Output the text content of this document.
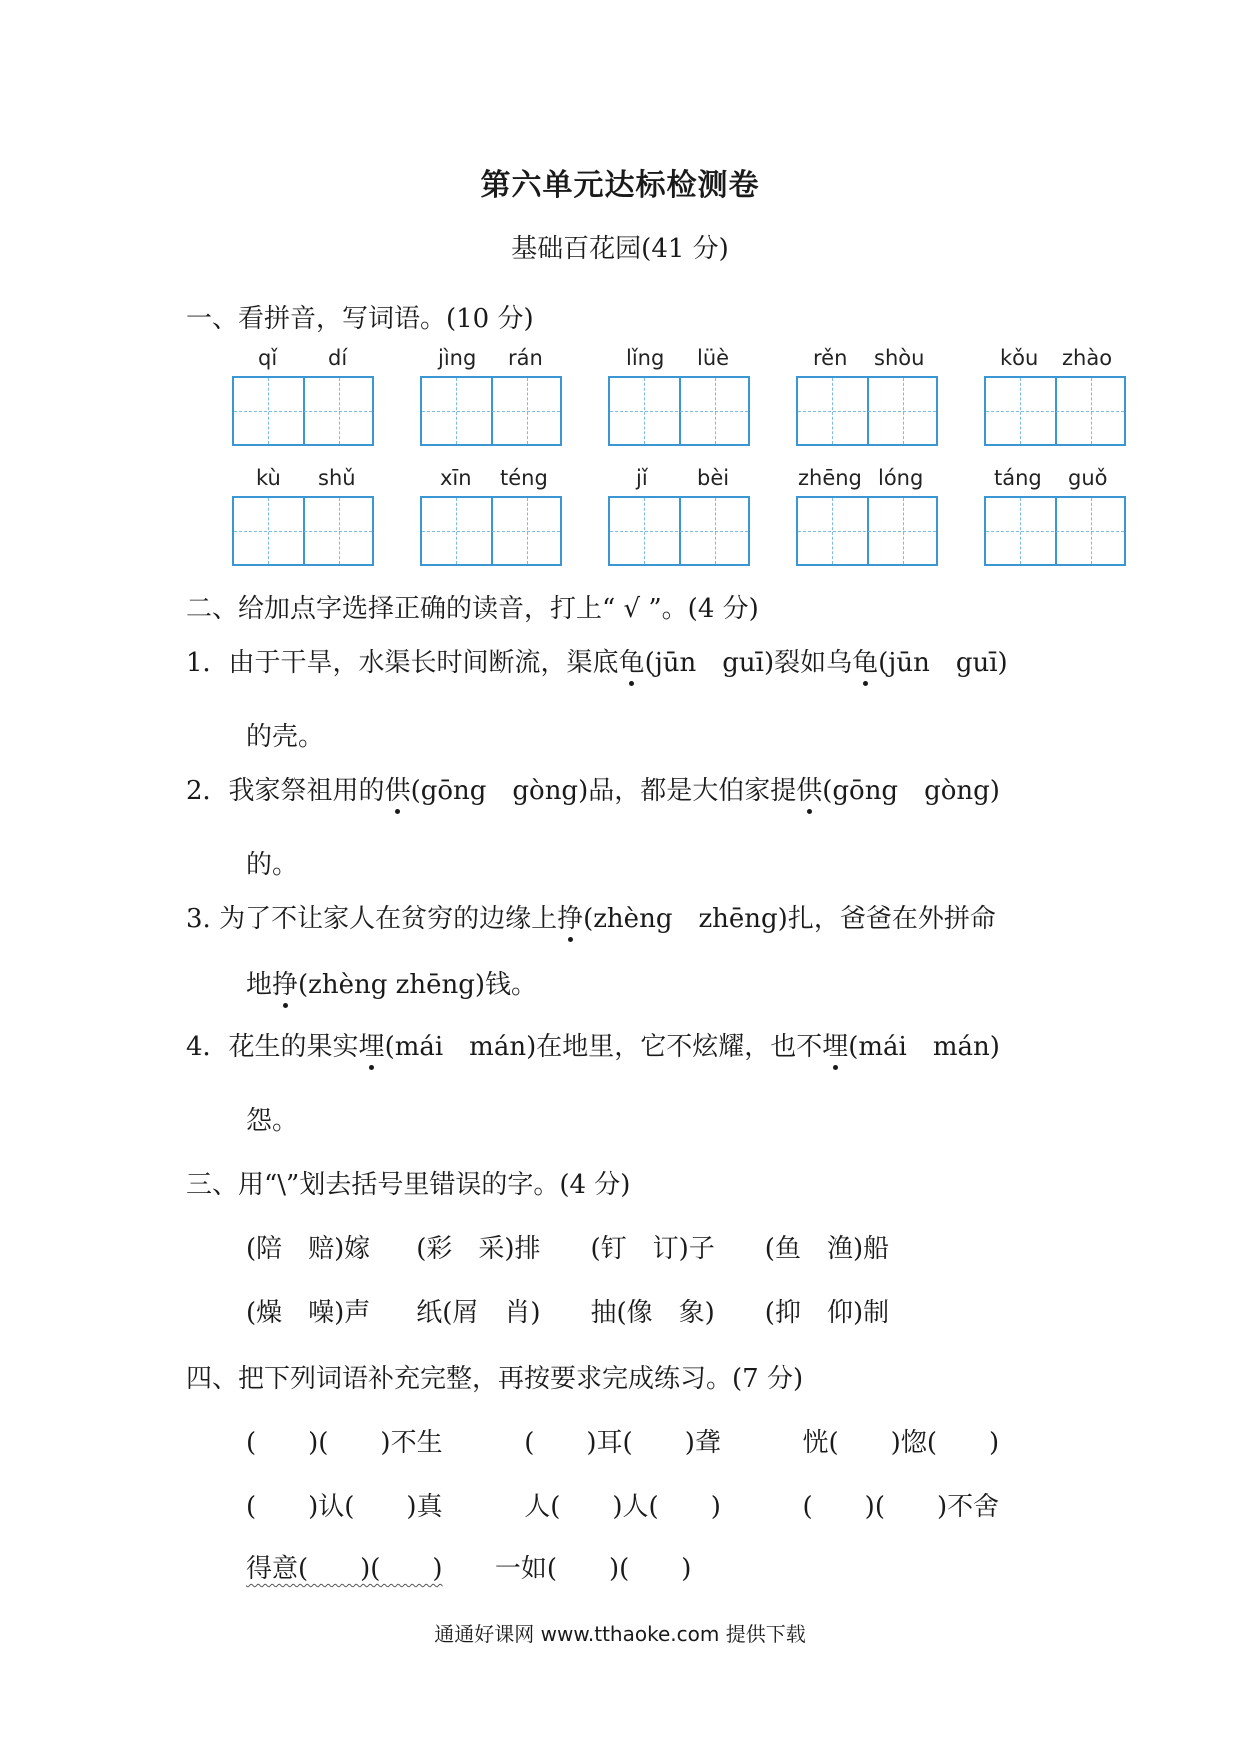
第六单元达标检测卷
基础百花园(41 分)
一、看拼音，写词语。(10 分)
qǐ dí	jìng rán	lǐng lüè	rěn shòu	kǒu zhào
kù shǔ	xīn téng	jǐ bèi	zhēng lóng	táng guǒ
二、给加点字选择正确的读音，打上“ √ ”。(4 分)
1．由于干旱，水渠长时间断流，渠底龟(jūn　guī)裂如乌龟(jūn　guī)
的壳。
2．我家祭祖用的供(gōng　gòng)品，都是大伯家提供(gōng　gòng)
的。
3. 为了不让家人在贫穷的边缘上挣(zhèng　zhēng)扎，爸爸在外拼命
地挣(zhèng zhēng)钱。
4．花生的果实埋(mái　mán)在地里，它不炫耀，也不埋(mái　mán)
怨。
三、用“\”划去括号里错误的字。(4 分)
(陪　赔)嫁 (彩　采)排 (钉　订)子 (鱼　渔)船
(燥　噪)声 纸(屑　肖) 抽(像　象) (抑　仰)制
四、把下列词语补充完整，再按要求完成练习。(7 分)
(　　)(　　)不生	(　　)耳(　　)聋	恍(　　)惚(　　)
(　　)认(　　)真	人(　　)人(　　)	(　　)(　　)不舍
得意(　　)(　　) 一如(　　)(　　)
通通好课网 www.tthaoke.com 提供下载
